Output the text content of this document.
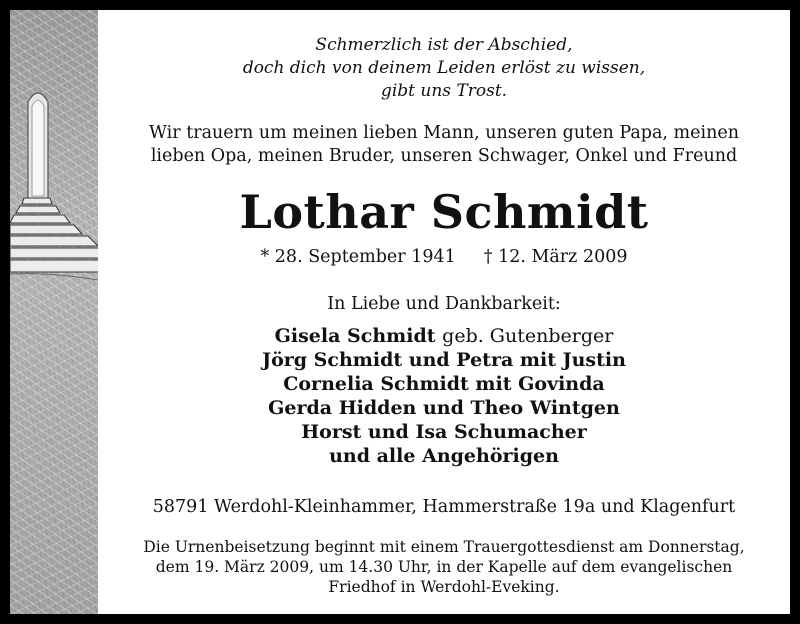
Schmerzlich ist der Abschied,
doch dich von deinem Leiden erlöst zu wissen,
gibt uns Trost.
Wir trauern um meinen lieben Mann, unseren guten Papa, meinen
lieben Opa, meinen Bruder, unseren Schwager, Onkel und Freund
Lothar Schmidt
* 28. September 1941 † 12. März 2009
In Liebe und Dankbarkeit:
Gisela Schmidt geb. Gutenberger
Jörg Schmidt und Petra mit Justin
Cornelia Schmidt mit Govinda
Gerda Hidden und Theo Wintgen
Horst und Isa Schumacher
und alle Angehörigen
58791 Werdohl-Kleinhammer, Hammerstraße 19a und Klagenfurt
Die Urnenbeisetzung beginnt mit einem Trauergottesdienst am Donnerstag,
dem 19. März 2009, um 14.30 Uhr, in der Kapelle auf dem evangelischen
Friedhof in Werdohl-Eveking.
